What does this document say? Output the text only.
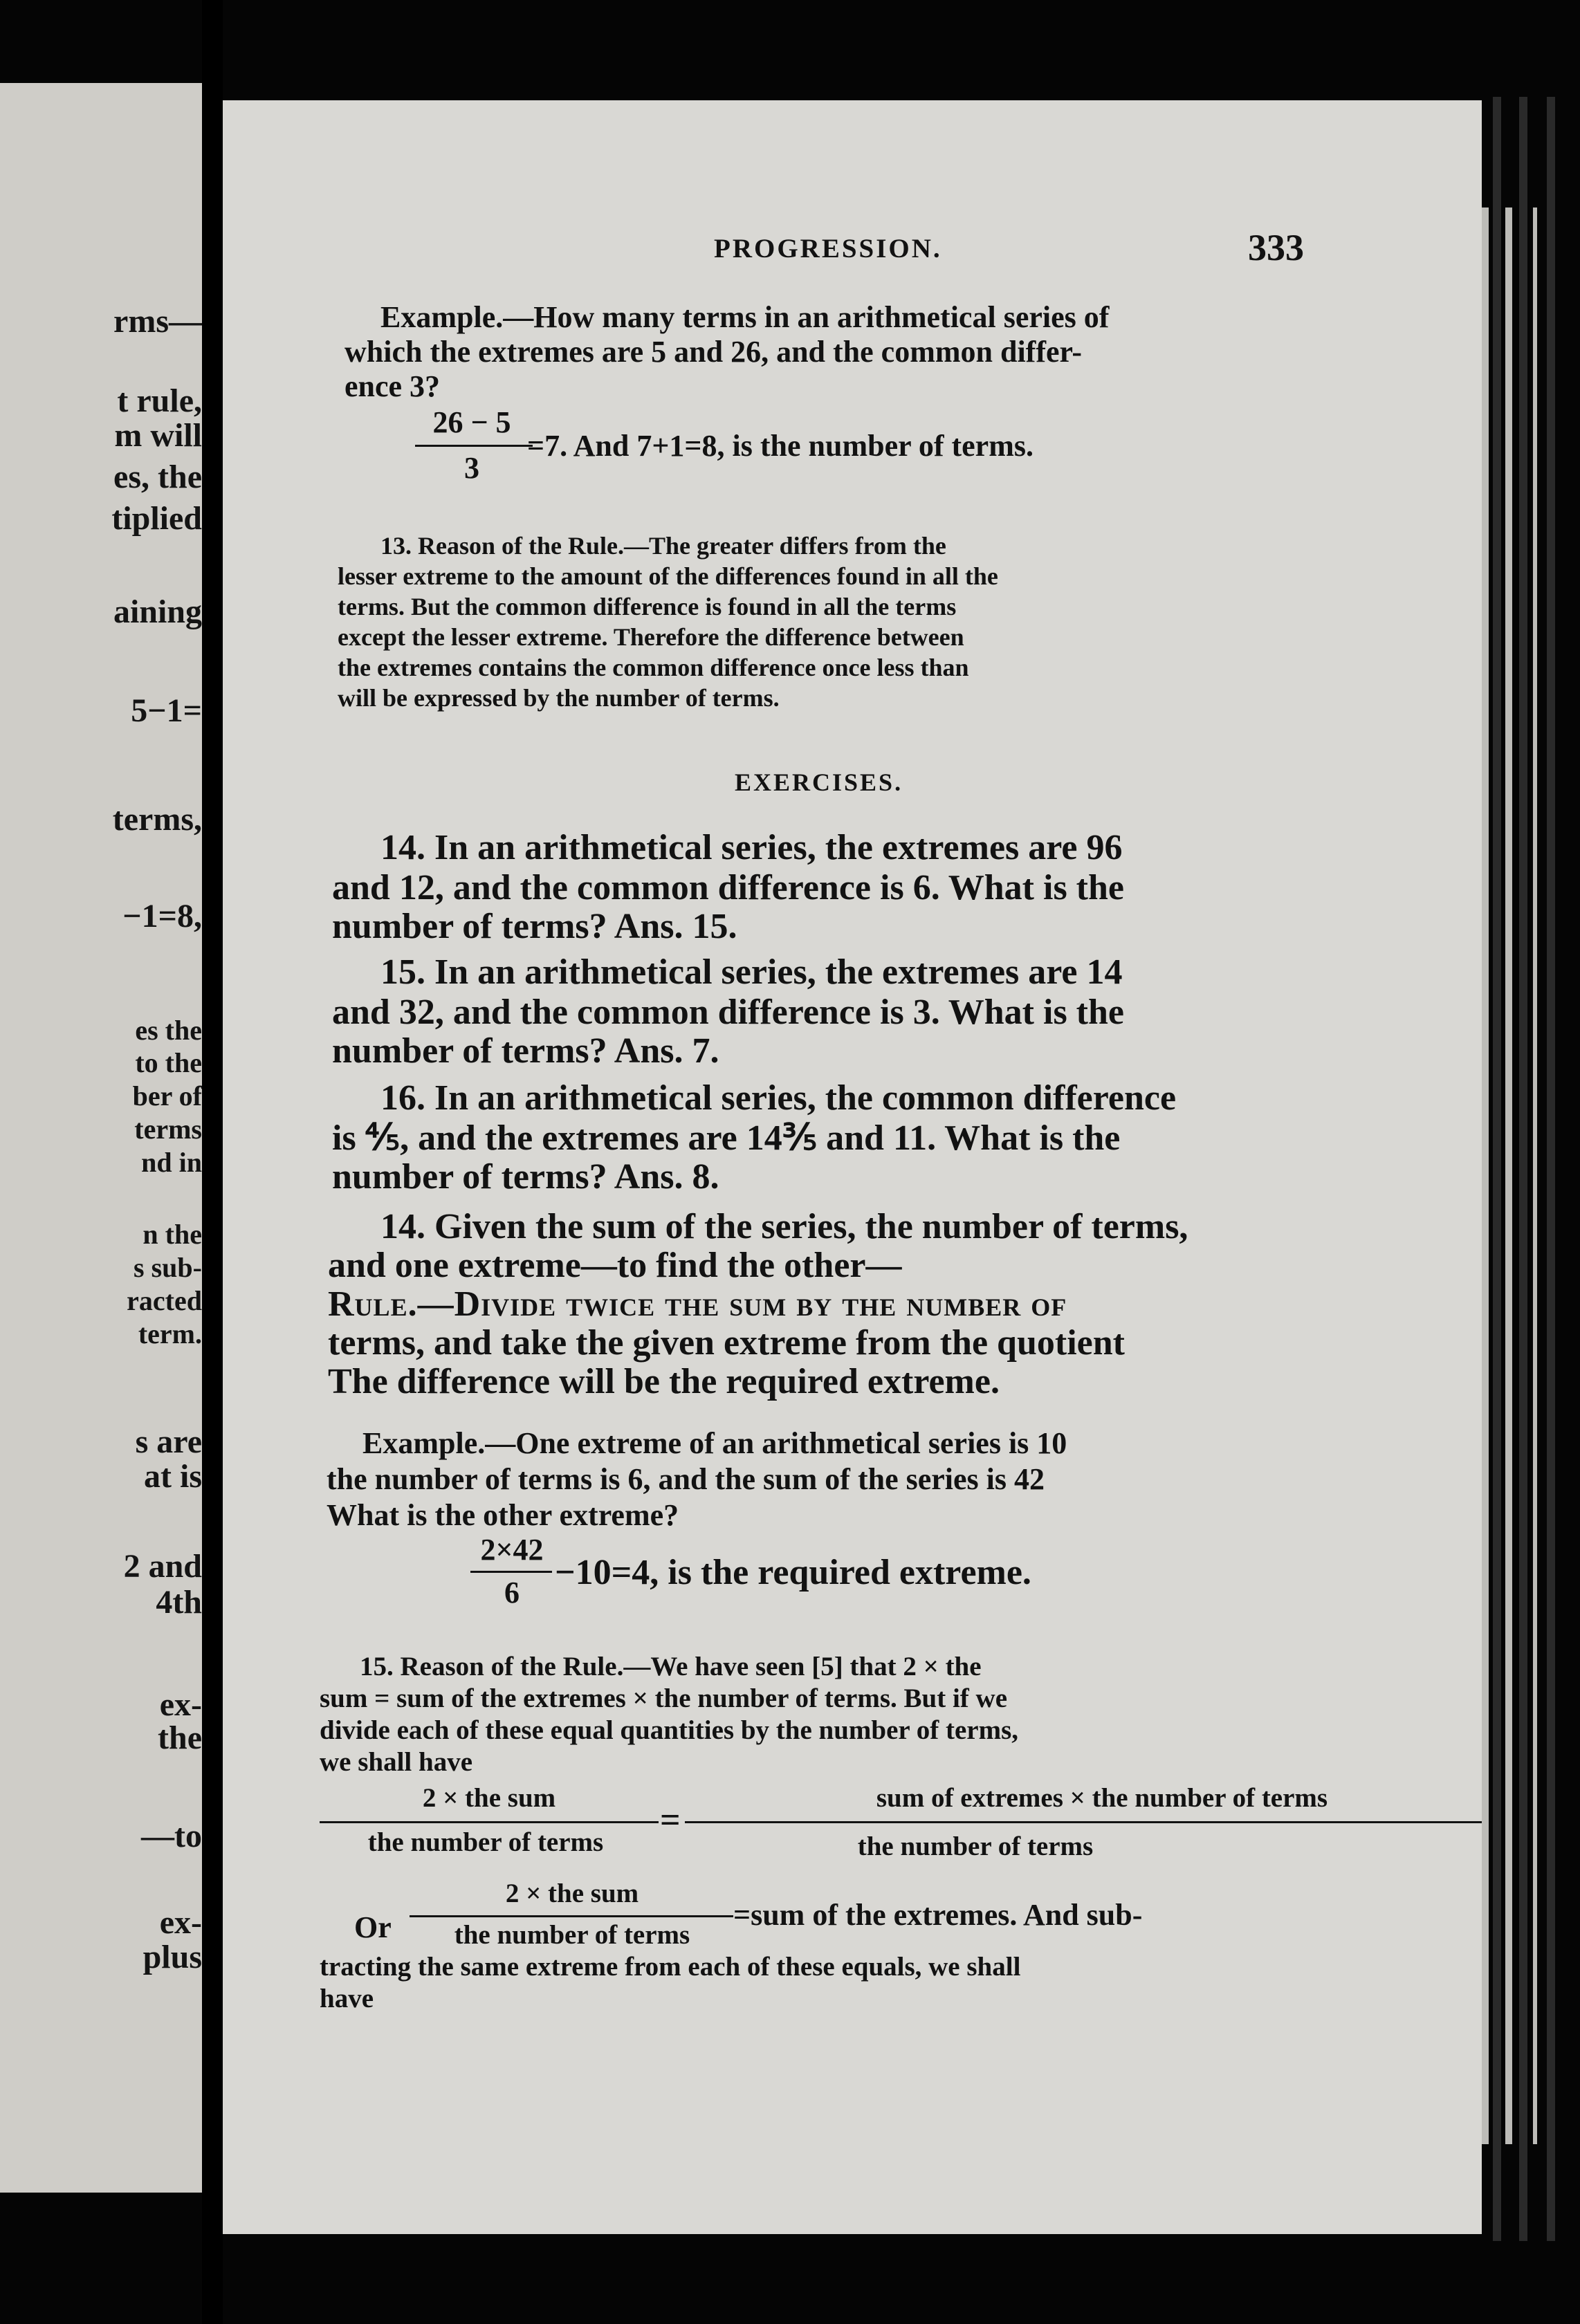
rms—
t rule,
m will
es, the
tiplied
aining
5−1=
terms,
−1=8,
es the
to the
ber of
terms
nd in
n the
s sub-
racted
term.
s are
at is
2 and
4th
ex-
the
—to
ex-
plus
PROGRESSION.	333
Example.—How many terms in an arithmetical series of
which the extremes are 5 and 26, and the common differ-
ence 3?
26 − 5
3
=7. And 7+1=8, is the number of terms.
13. Reason of the Rule.—The greater differs from the
lesser extreme to the amount of the differences found in all the
terms. But the common difference is found in all the terms
except the lesser extreme. Therefore the difference between
the extremes contains the common difference once less than
will be expressed by the number of terms.
EXERCISES.
14. In an arithmetical series, the extremes are 96
and 12, and the common difference is 6. What is the
number of terms? Ans. 15.
15. In an arithmetical series, the extremes are 14
and 32, and the common difference is 3. What is the
number of terms? Ans. 7.
16. In an arithmetical series, the common difference
is ⅘, and the extremes are 14⅗ and 11. What is the
number of terms? Ans. 8.
14. Given the sum of the series, the number of terms,
and one extreme—to find the other—
Rule.—Divide twice the sum by the number of
terms, and take the given extreme from the quotient
The difference will be the required extreme.
Example.—One extreme of an arithmetical series is 10
the number of terms is 6, and the sum of the series is 42
What is the other extreme?
2×42
6
−10=4, is the required extreme.
15. Reason of the Rule.—We have seen [5] that 2 × the
sum = sum of the extremes × the number of terms. But if we
divide each of these equal quantities by the number of terms,
we shall have
2 × the sum
the number of terms
=
sum of extremes × the number of terms
the number of terms
Or
2 × the sum
the number of terms
=sum of the extremes. And sub-
tracting the same extreme from each of these equals, we shall
have
